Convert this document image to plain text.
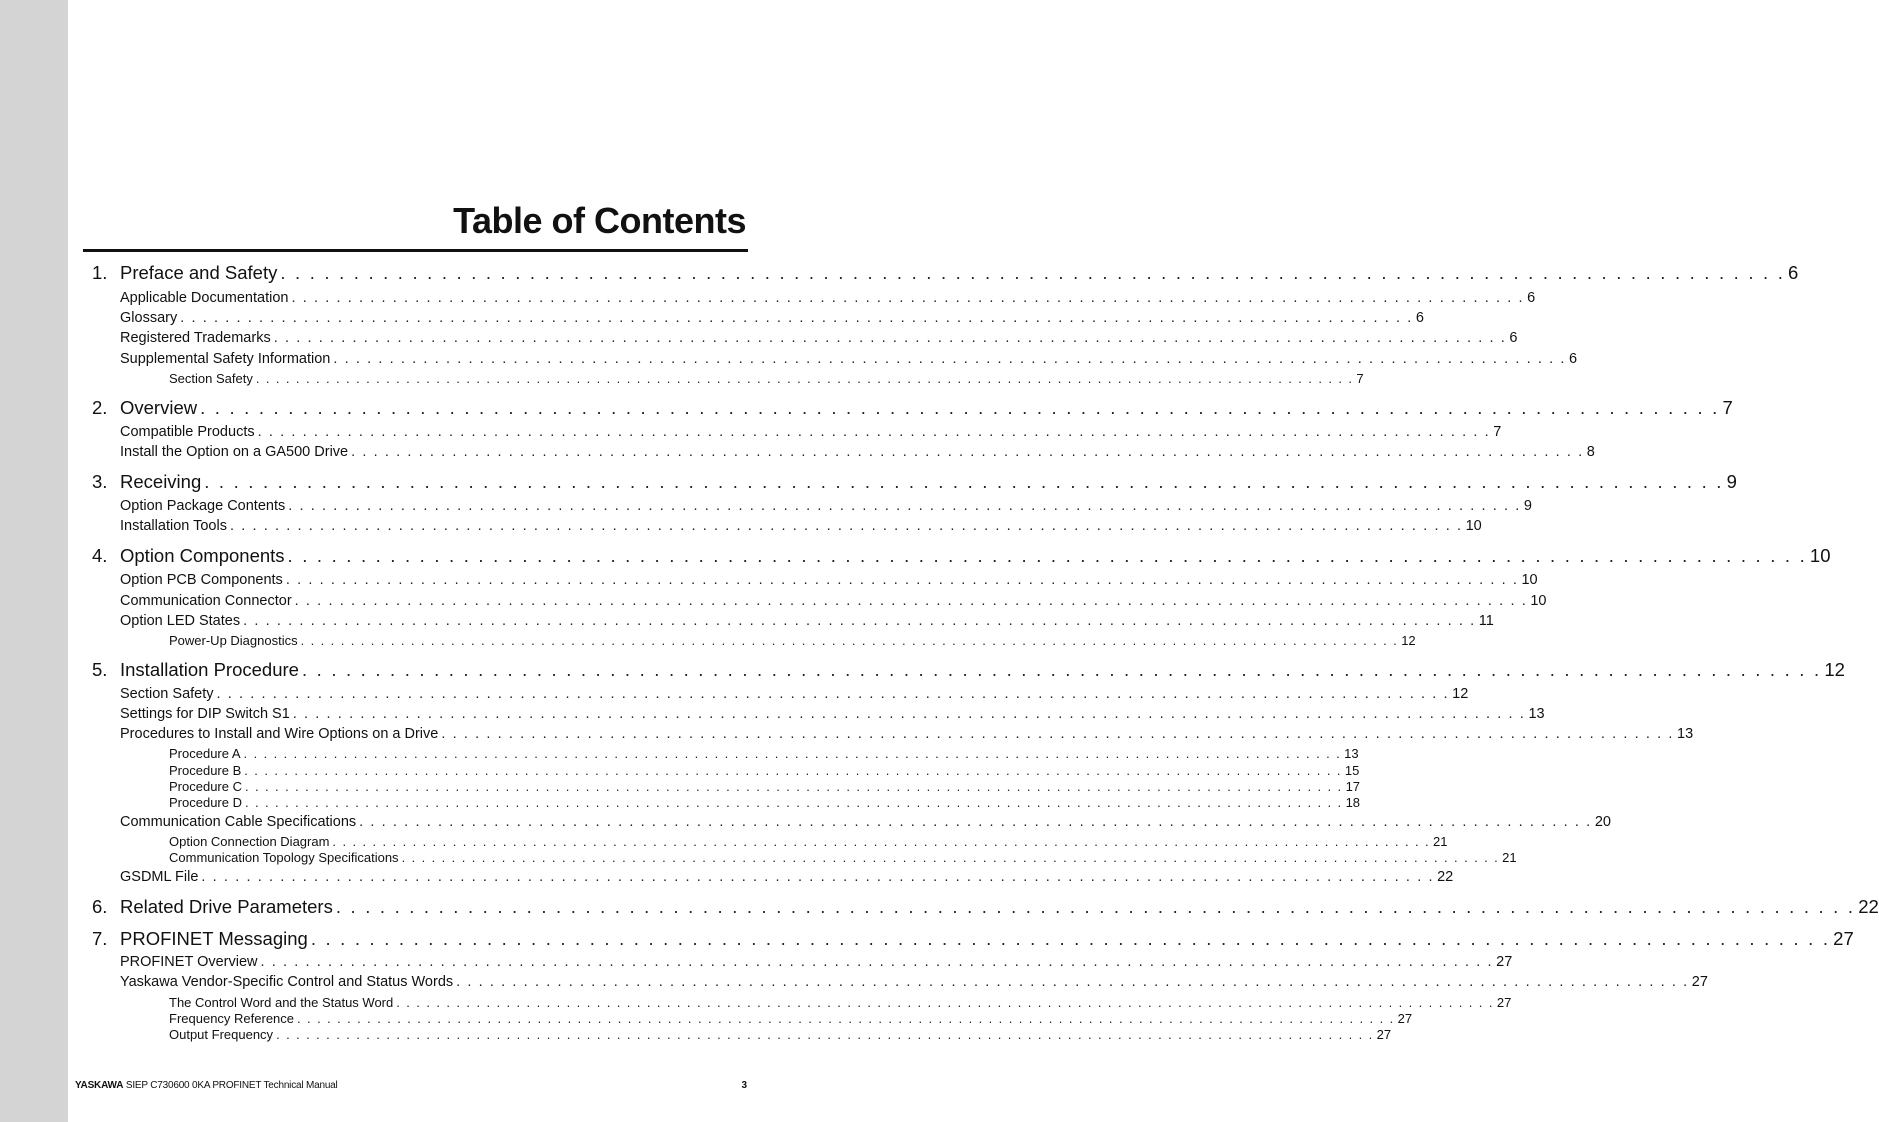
Table of Contents
1. Preface and Safety . . . . . . . . . . . . . . . . . . . . . . . . . . . . . . . . . . . . . . . . . . . . . . . . . . . . . . . . . . . . . . . . . . . . . . . . . . . . . . . . . . . . . . . . . . . . . . . . . . . . . . . 6
Applicable Documentation . . . . . . . . . . . . . . . . . . . . . . . . . . . . . . . . . . . . . . . . . . . . . . . . . . . . . . . . . . . . . . . . . . . . . . . . . . . . . . . . . . . . . . . . . . . . . . . . . . . . . . . . . . . . . . 6
Glossary . . . . . . . . . . . . . . . . . . . . . . . . . . . . . . . . . . . . . . . . . . . . . . . . . . . . . . . . . . . . . . . . . . . . . . . . . . . . . . . . . . . . . . . . . . . . . . . . . . . . . . . . . . . . . . 6
Registered Trademarks . . . . . . . . . . . . . . . . . . . . . . . . . . . . . . . . . . . . . . . . . . . . . . . . . . . . . . . . . . . . . . . . . . . . . . . . . . . . . . . . . . . . . . . . . . . . . . . . . . . . . . . . . . . . . . 6
Supplemental Safety Information . . . . . . . . . . . . . . . . . . . . . . . . . . . . . . . . . . . . . . . . . . . . . . . . . . . . . . . . . . . . . . . . . . . . . . . . . . . . . . . . . . . . . . . . . . . . . . . . . . . . . . . . . . . . . . 6
Section Safety . . . . . . . . . . . . . . . . . . . . . . . . . . . . . . . . . . . . . . . . . . . . . . . . . . . . . . . . . . . . . . . . . . . . . . . . . . . . . . . . . . . . . . . . . . . . . . . . . . . . . . . . . . . . . . 7
2. Overview . . . . . . . . . . . . . . . . . . . . . . . . . . . . . . . . . . . . . . . . . . . . . . . . . . . . . . . . . . . . . . . . . . . . . . . . . . . . . . . . . . . . . . . . . . . . . . . . . . . . . . . . 7
Compatible Products . . . . . . . . . . . . . . . . . . . . . . . . . . . . . . . . . . . . . . . . . . . . . . . . . . . . . . . . . . . . . . . . . . . . . . . . . . . . . . . . . . . . . . . . . . . . . . . . . . . . . . . . . . . . . . 7
Install the Option on a GA500 Drive . . . . . . . . . . . . . . . . . . . . . . . . . . . . . . . . . . . . . . . . . . . . . . . . . . . . . . . . . . . . . . . . . . . . . . . . . . . . . . . . . . . . . . . . . . . . . . . . . . . . . . . . . . . . . . 8
3. Receiving . . . . . . . . . . . . . . . . . . . . . . . . . . . . . . . . . . . . . . . . . . . . . . . . . . . . . . . . . . . . . . . . . . . . . . . . . . . . . . . . . . . . . . . . . . . . . . . . . . . . . . . . 9
Option Package Contents . . . . . . . . . . . . . . . . . . . . . . . . . . . . . . . . . . . . . . . . . . . . . . . . . . . . . . . . . . . . . . . . . . . . . . . . . . . . . . . . . . . . . . . . . . . . . . . . . . . . . . . . . . . . . . 9
Installation Tools . . . . . . . . . . . . . . . . . . . . . . . . . . . . . . . . . . . . . . . . . . . . . . . . . . . . . . . . . . . . . . . . . . . . . . . . . . . . . . . . . . . . . . . . . . . . . . . . . . . . . . . . . . . . . . 10
4. Option Components . . . . . . . . . . . . . . . . . . . . . . . . . . . . . . . . . . . . . . . . . . . . . . . . . . . . . . . . . . . . . . . . . . . . . . . . . . . . . . . . . . . . . . . . . . . . . . . . . . . . . . . . 10
Option PCB Components . . . . . . . . . . . . . . . . . . . . . . . . . . . . . . . . . . . . . . . . . . . . . . . . . . . . . . . . . . . . . . . . . . . . . . . . . . . . . . . . . . . . . . . . . . . . . . . . . . . . . . . . . . . . . . 10
Communication Connector . . . . . . . . . . . . . . . . . . . . . . . . . . . . . . . . . . . . . . . . . . . . . . . . . . . . . . . . . . . . . . . . . . . . . . . . . . . . . . . . . . . . . . . . . . . . . . . . . . . . . . . . . . . . . . 10
Option LED States . . . . . . . . . . . . . . . . . . . . . . . . . . . . . . . . . . . . . . . . . . . . . . . . . . . . . . . . . . . . . . . . . . . . . . . . . . . . . . . . . . . . . . . . . . . . . . . . . . . . . . . . . . . . . . 11
Power-Up Diagnostics . . . . . . . . . . . . . . . . . . . . . . . . . . . . . . . . . . . . . . . . . . . . . . . . . . . . . . . . . . . . . . . . . . . . . . . . . . . . . . . . . . . . . . . . . . . . . . . . . . . . . . . . . . . . . . 12
5. Installation Procedure . . . . . . . . . . . . . . . . . . . . . . . . . . . . . . . . . . . . . . . . . . . . . . . . . . . . . . . . . . . . . . . . . . . . . . . . . . . . . . . . . . . . . . . . . . . . . . . . . . . . . . . . 12
Section Safety . . . . . . . . . . . . . . . . . . . . . . . . . . . . . . . . . . . . . . . . . . . . . . . . . . . . . . . . . . . . . . . . . . . . . . . . . . . . . . . . . . . . . . . . . . . . . . . . . . . . . . . . . . . . . . 12
Settings for DIP Switch S1 . . . . . . . . . . . . . . . . . . . . . . . . . . . . . . . . . . . . . . . . . . . . . . . . . . . . . . . . . . . . . . . . . . . . . . . . . . . . . . . . . . . . . . . . . . . . . . . . . . . . . . . . . . . . . . 13
Procedures to Install and Wire Options on a Drive . . . . . . . . . . . . . . . . . . . . . . . . . . . . . . . . . . . . . . . . . . . . . . . . . . . . . . . . . . . . . . . . . . . . . . . . . . . . . . . . . . . . . . . . . . . . . . . . . . . . . . . . . . . . . . 13
Procedure A . . . . . . . . . . . . . . . . . . . . . . . . . . . . . . . . . . . . . . . . . . . . . . . . . . . . . . . . . . . . . . . . . . . . . . . . . . . . . . . . . . . . . . . . . . . . . . . . . . . . . . . . . . . . . . 13
Procedure B . . . . . . . . . . . . . . . . . . . . . . . . . . . . . . . . . . . . . . . . . . . . . . . . . . . . . . . . . . . . . . . . . . . . . . . . . . . . . . . . . . . . . . . . . . . . . . . . . . . . . . . . . . . . . . 15
Procedure C . . . . . . . . . . . . . . . . . . . . . . . . . . . . . . . . . . . . . . . . . . . . . . . . . . . . . . . . . . . . . . . . . . . . . . . . . . . . . . . . . . . . . . . . . . . . . . . . . . . . . . . . . . . . . . 17
Procedure D . . . . . . . . . . . . . . . . . . . . . . . . . . . . . . . . . . . . . . . . . . . . . . . . . . . . . . . . . . . . . . . . . . . . . . . . . . . . . . . . . . . . . . . . . . . . . . . . . . . . . . . . . . . . . . 18
Communication Cable Specifications . . . . . . . . . . . . . . . . . . . . . . . . . . . . . . . . . . . . . . . . . . . . . . . . . . . . . . . . . . . . . . . . . . . . . . . . . . . . . . . . . . . . . . . . . . . . . . . . . . . . . . . . . . . . . . 20
Option Connection Diagram . . . . . . . . . . . . . . . . . . . . . . . . . . . . . . . . . . . . . . . . . . . . . . . . . . . . . . . . . . . . . . . . . . . . . . . . . . . . . . . . . . . . . . . . . . . . . . . . . . . . . . . . . . . . . . 21
Communication Topology Specifications . . . . . . . . . . . . . . . . . . . . . . . . . . . . . . . . . . . . . . . . . . . . . . . . . . . . . . . . . . . . . . . . . . . . . . . . . . . . . . . . . . . . . . . . . . . . . . . . . . . . . . . . . . . . . . 21
GSDML File . . . . . . . . . . . . . . . . . . . . . . . . . . . . . . . . . . . . . . . . . . . . . . . . . . . . . . . . . . . . . . . . . . . . . . . . . . . . . . . . . . . . . . . . . . . . . . . . . . . . . . . . . . . . . . 22
6. Related Drive Parameters . . . . . . . . . . . . . . . . . . . . . . . . . . . . . . . . . . . . . . . . . . . . . . . . . . . . . . . . . . . . . . . . . . . . . . . . . . . . . . . . . . . . . . . . . . . . . . . . . . . . . . . . 22
7. PROFINET Messaging . . . . . . . . . . . . . . . . . . . . . . . . . . . . . . . . . . . . . . . . . . . . . . . . . . . . . . . . . . . . . . . . . . . . . . . . . . . . . . . . . . . . . . . . . . . . . . . . . . . . . . . . 27
PROFINET Overview . . . . . . . . . . . . . . . . . . . . . . . . . . . . . . . . . . . . . . . . . . . . . . . . . . . . . . . . . . . . . . . . . . . . . . . . . . . . . . . . . . . . . . . . . . . . . . . . . . . . . . . . . . . . . . 27
Yaskawa Vendor-Specific Control and Status Words . . . . . . . . . . . . . . . . . . . . . . . . . . . . . . . . . . . . . . . . . . . . . . . . . . . . . . . . . . . . . . . . . . . . . . . . . . . . . . . . . . . . . . . . . . . . . . . . . . . . . . . . . . . . . . 27
The Control Word and the Status Word . . . . . . . . . . . . . . . . . . . . . . . . . . . . . . . . . . . . . . . . . . . . . . . . . . . . . . . . . . . . . . . . . . . . . . . . . . . . . . . . . . . . . . . . . . . . . . . . . . . . . . . . . . . . . . 27
Frequency Reference . . . . . . . . . . . . . . . . . . . . . . . . . . . . . . . . . . . . . . . . . . . . . . . . . . . . . . . . . . . . . . . . . . . . . . . . . . . . . . . . . . . . . . . . . . . . . . . . . . . . . . . . . . . . . . 27
Output Frequency . . . . . . . . . . . . . . . . . . . . . . . . . . . . . . . . . . . . . . . . . . . . . . . . . . . . . . . . . . . . . . . . . . . . . . . . . . . . . . . . . . . . . . . . . . . . . . . . . . . . . . . . . . . . . . 27
YASKAWA SIEP C730600 0KA PROFINET Technical Manual	3
